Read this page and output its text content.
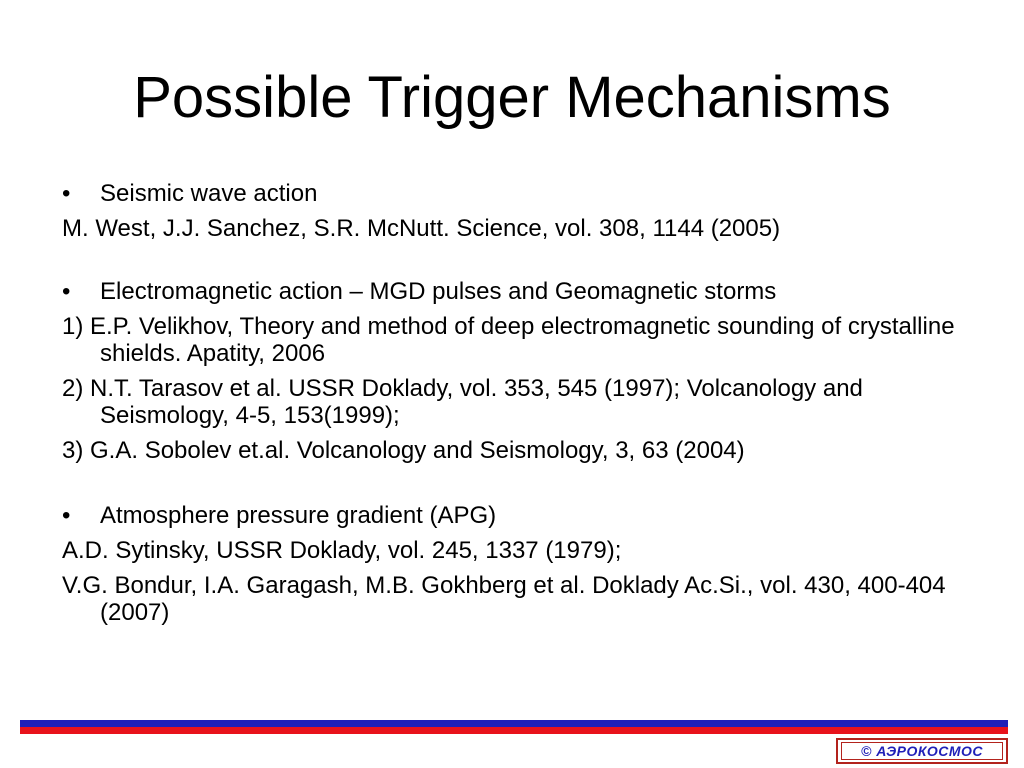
Possible Trigger Mechanisms
• Seismic wave action
M. West, J.J. Sanchez, S.R. McNutt. Science, vol. 308, 1144 (2005)
• Electromagnetic action – MGD pulses and Geomagnetic storms
1) E.P. Velikhov, Theory and method of deep electromagnetic sounding of crystalline shields. Apatity, 2006
2) N.T. Tarasov et al. USSR Doklady, vol. 353, 545 (1997); Volcanology and Seismology, 4-5, 153(1999);
3) G.A. Sobolev et.al. Volcanology and Seismology, 3, 63 (2004)
• Atmosphere pressure gradient (APG)
A.D. Sytinsky, USSR Doklady, vol. 245, 1337 (1979);
V.G. Bondur, I.A. Garagash, M.B. Gokhberg et al. Doklady Ac.Si., vol. 430, 400-404 (2007)
© АЭРОКОСМОС
